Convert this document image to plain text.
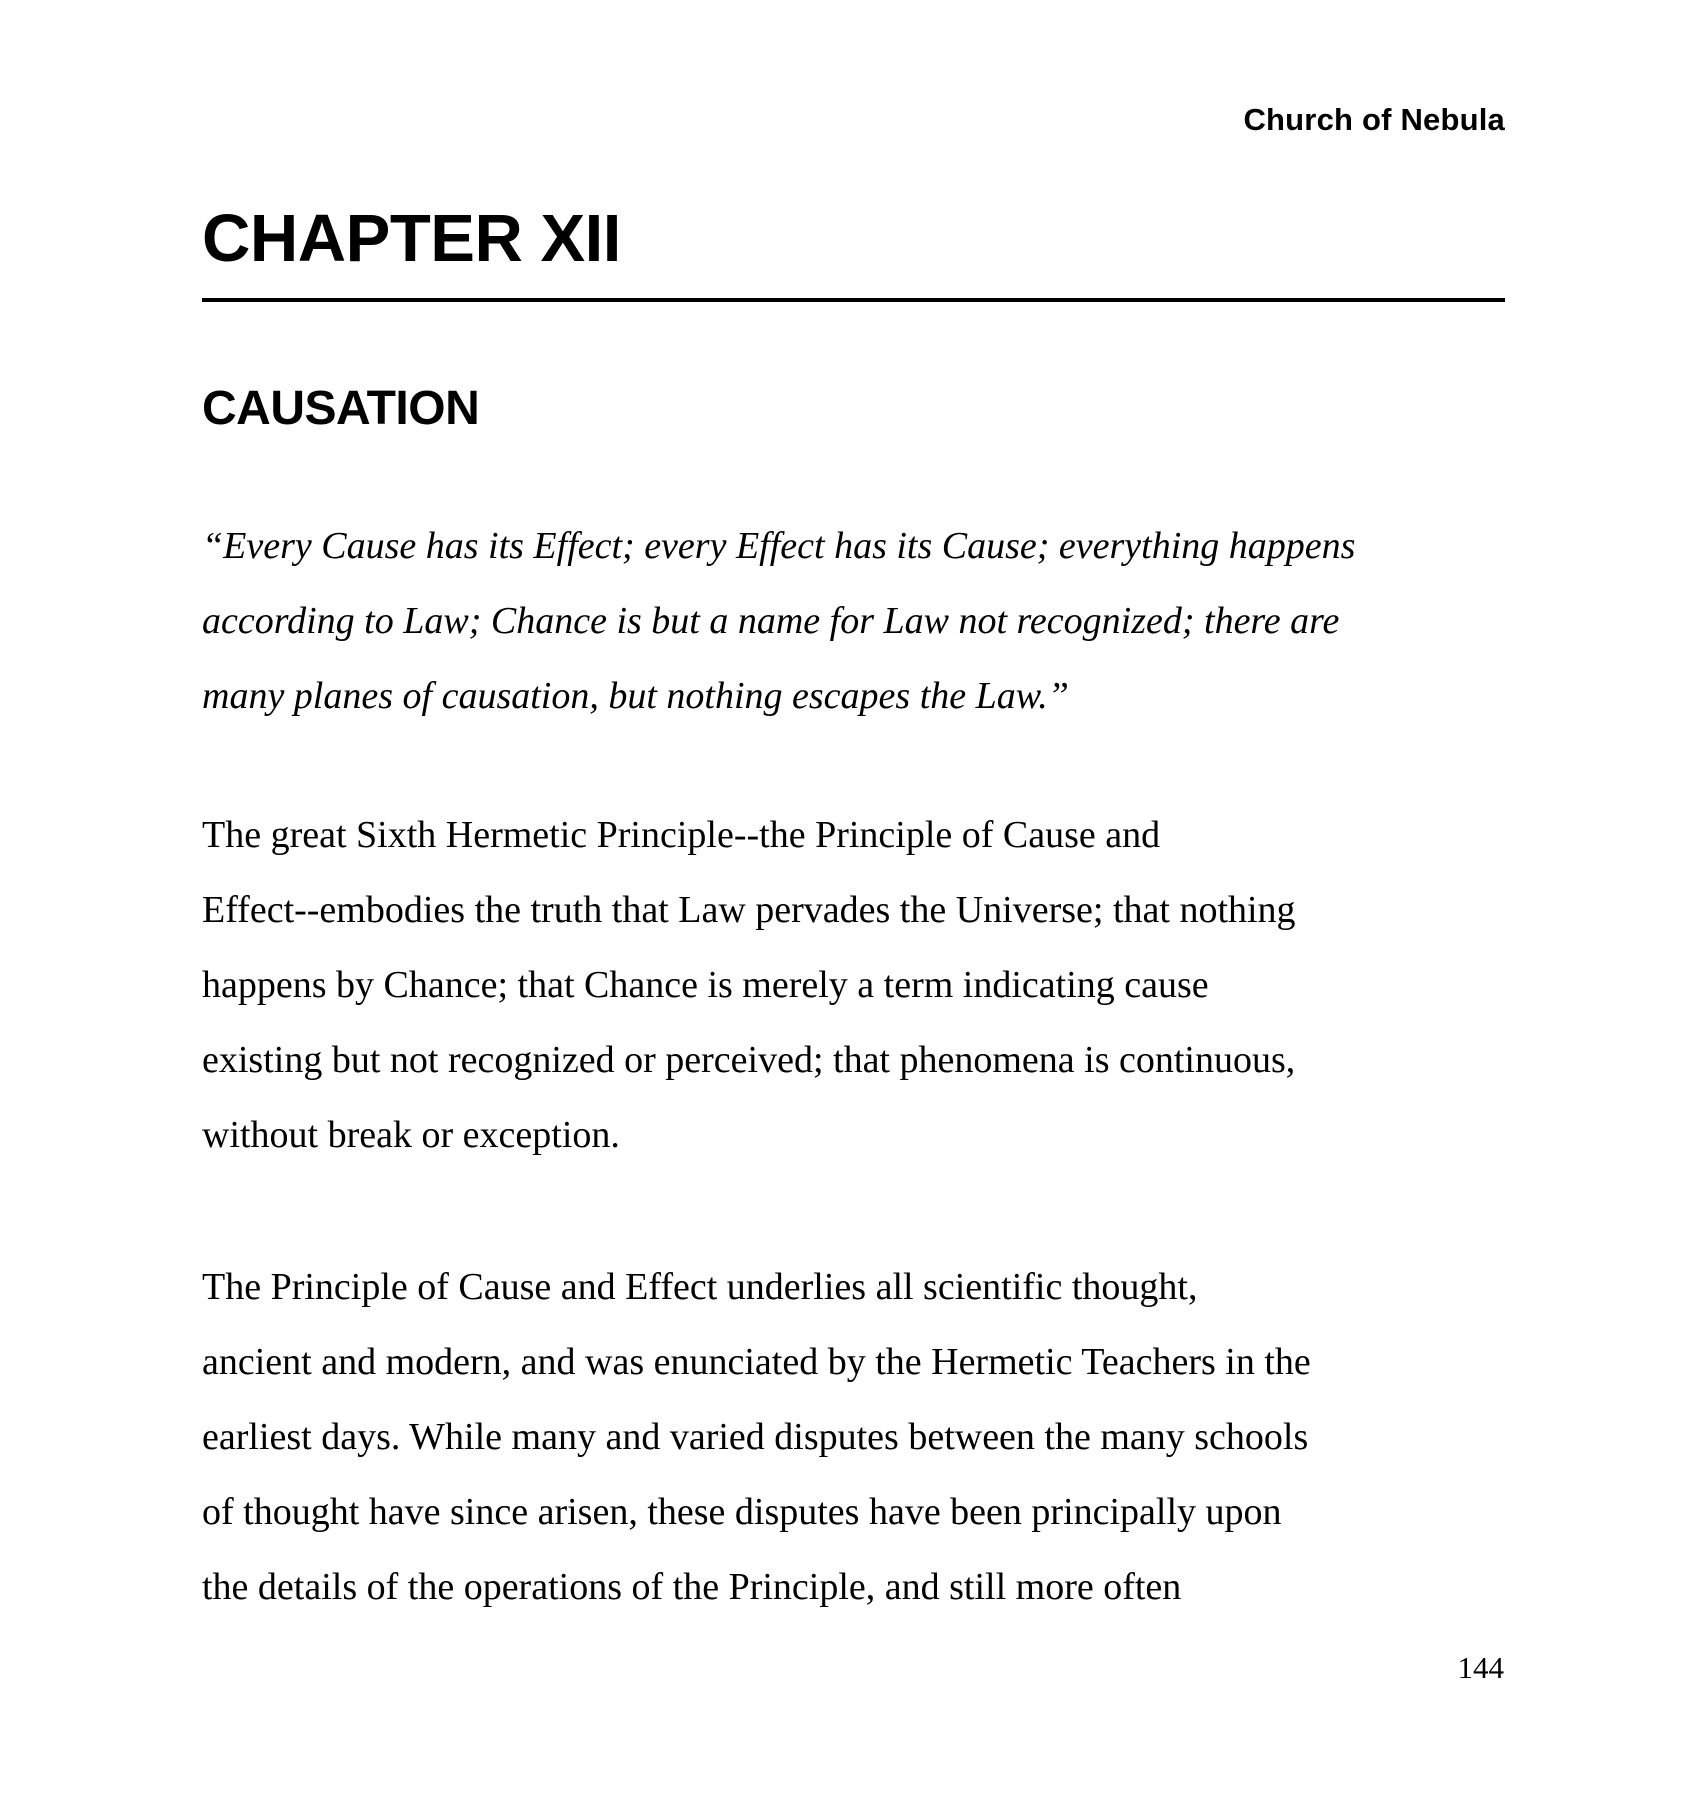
Church of Nebula
CHAPTER XII
CAUSATION

“Every Cause has its Effect; every Effect has its Cause; everything happens
according to Law; Chance is but a name for Law not recognized; there are
many planes of causation, but nothing escapes the Law.”

The great Sixth Hermetic Principle--the Principle of Cause and
Effect--embodies the truth that Law pervades the Universe; that nothing
happens by Chance; that Chance is merely a term indicating cause
existing but not recognized or perceived; that phenomena is continuous,
without break or exception.

The Principle of Cause and Effect underlies all scientific thought,
ancient and modern, and was enunciated by the Hermetic Teachers in the
earliest days. While many and varied disputes between the many schools
of thought have since arisen, these disputes have been principally upon
the details of the operations of the Principle, and still more often

144
